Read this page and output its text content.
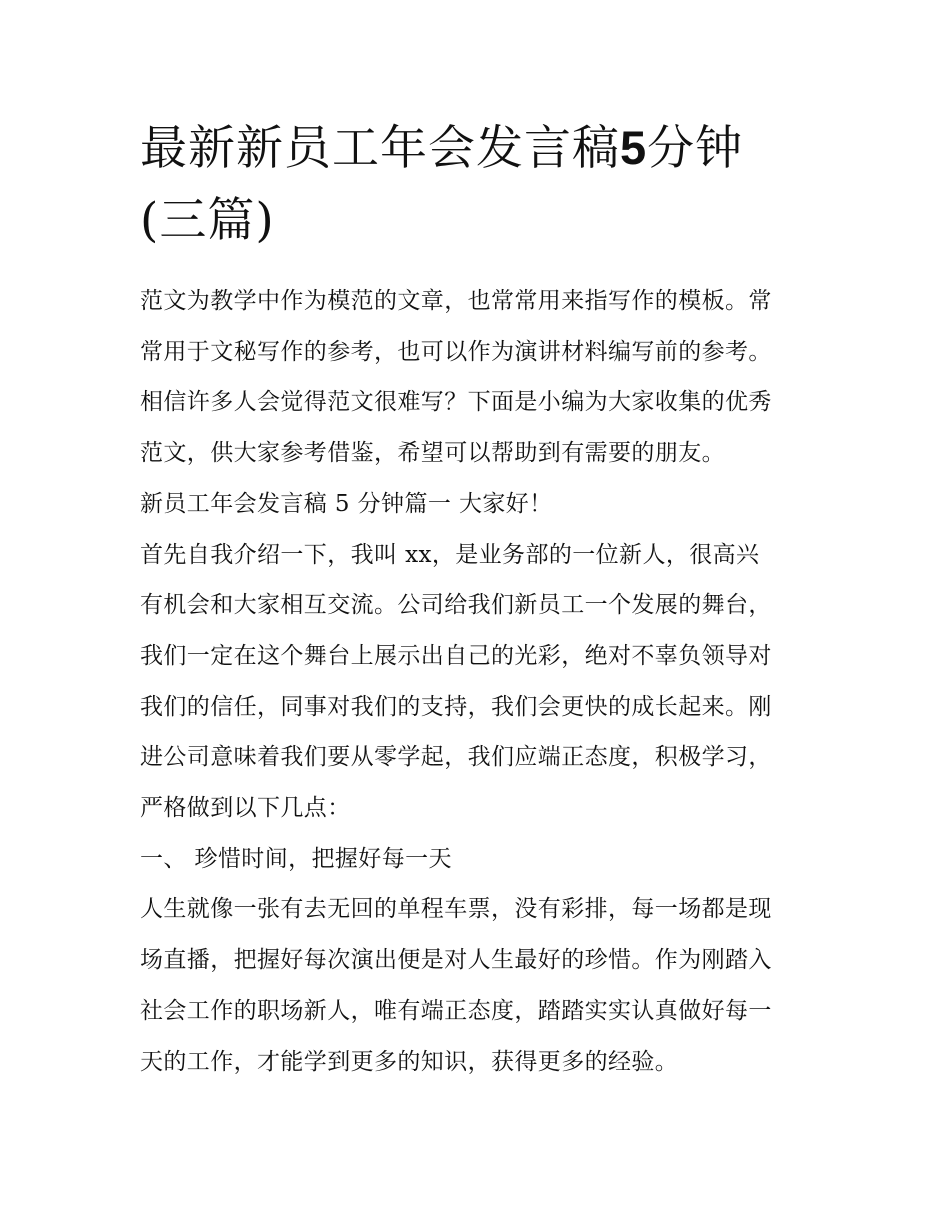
最新新员工年会发言稿5分钟
(三篇)

范文为教学中作为模范的文章，也常常用来指写作的模板。常

常用于文秘写作的参考，也可以作为演讲材料编写前的参考。

相信许多人会觉得范文很难写？下面是小编为大家收集的优秀

范文，供大家参考借鉴，希望可以帮助到有需要的朋友。

新员工年会发言稿 5 分钟篇一 大家好！

首先自我介绍一下，我叫 xx，是业务部的一位新人，很高兴

有机会和大家相互交流。公司给我们新员工一个发展的舞台，

我们一定在这个舞台上展示出自己的光彩，绝对不辜负领导对

我们的信任，同事对我们的支持，我们会更快的成长起来。刚

进公司意味着我们要从零学起，我们应端正态度，积极学习，

严格做到以下几点：

一、 珍惜时间，把握好每一天

人生就像一张有去无回的单程车票，没有彩排，每一场都是现

场直播，把握好每次演出便是对人生最好的珍惜。作为刚踏入

社会工作的职场新人，唯有端正态度，踏踏实实认真做好每一

天的工作，才能学到更多的知识，获得更多的经验。
